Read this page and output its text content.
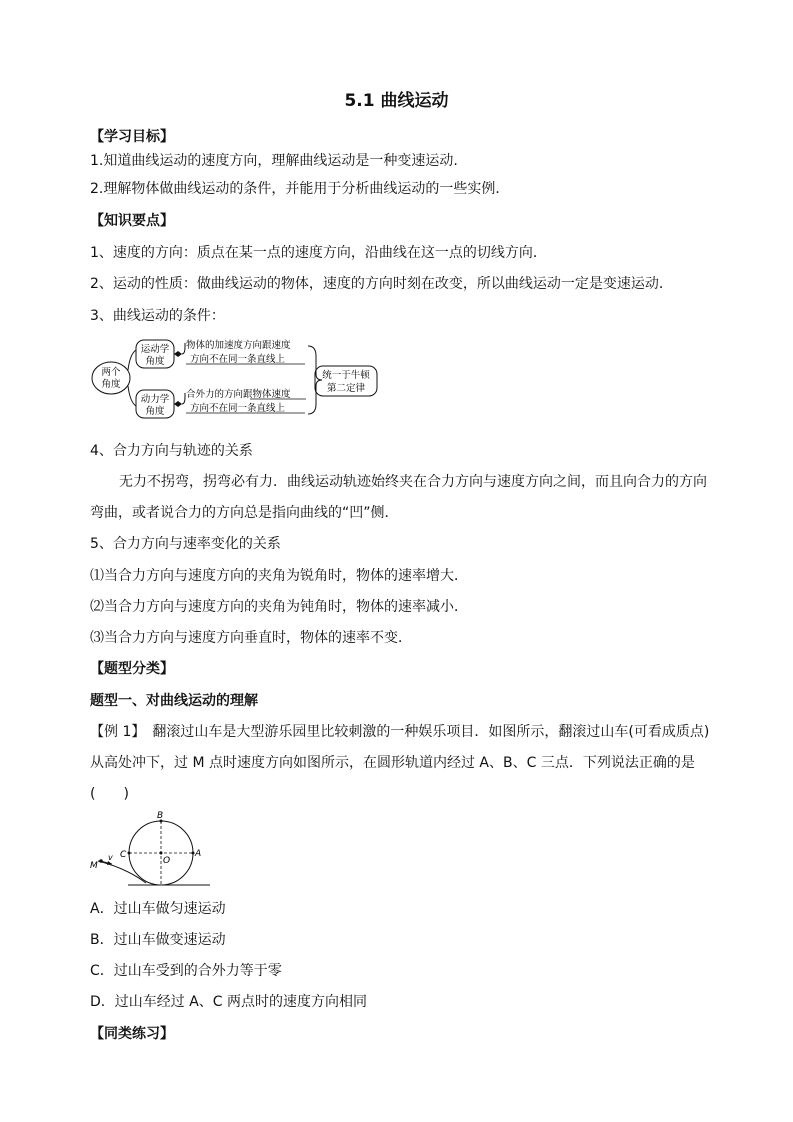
5.1 曲线运动
【学习目标】
1.知道曲线运动的速度方向，理解曲线运动是一种变速运动.
2.理解物体做曲线运动的条件，并能用于分析曲线运动的一些实例．
【知识要点】
1、速度的方向：质点在某一点的速度方向，沿曲线在这一点的切线方向．
2、运动的性质：做曲线运动的物体，速度的方向时刻在改变，所以曲线运动一定是变速运动．
3、曲线运动的条件：
两个
角度
运动学
角度
物体的加速度方向跟速度
方向不在同一条直线上
动力学
角度
合外力的方向跟物体速度
方向不在同一条直线上
统一于牛顿
第二定律
4、合力方向与轨迹的关系
无力不拐弯，拐弯必有力．曲线运动轨迹始终夹在合力方向与速度方向之间，而且向合力的方向
弯曲，或者说合力的方向总是指向曲线的“凹”侧．
5、合力方向与速率变化的关系
⑴当合力方向与速度方向的夹角为锐角时，物体的速率增大．
⑵当合力方向与速度方向的夹角为钝角时，物体的速率减小．
⑶当合力方向与速度方向垂直时，物体的速率不变．
【题型分类】
题型一、对曲线运动的理解
【例 1】　翻滚过山车是大型游乐园里比较刺激的一种娱乐项目．如图所示，翻滚过山车(可看成质点)
从高处冲下，过 M 点时速度方向如图所示，在圆形轨道内经过 A、B、C 三点．下列说法正确的是
(　　)
B
C
O
A
M
v
A．过山车做匀速运动
B．过山车做变速运动
C．过山车受到的合外力等于零
D．过山车经过 A、C 两点时的速度方向相同
【同类练习】
